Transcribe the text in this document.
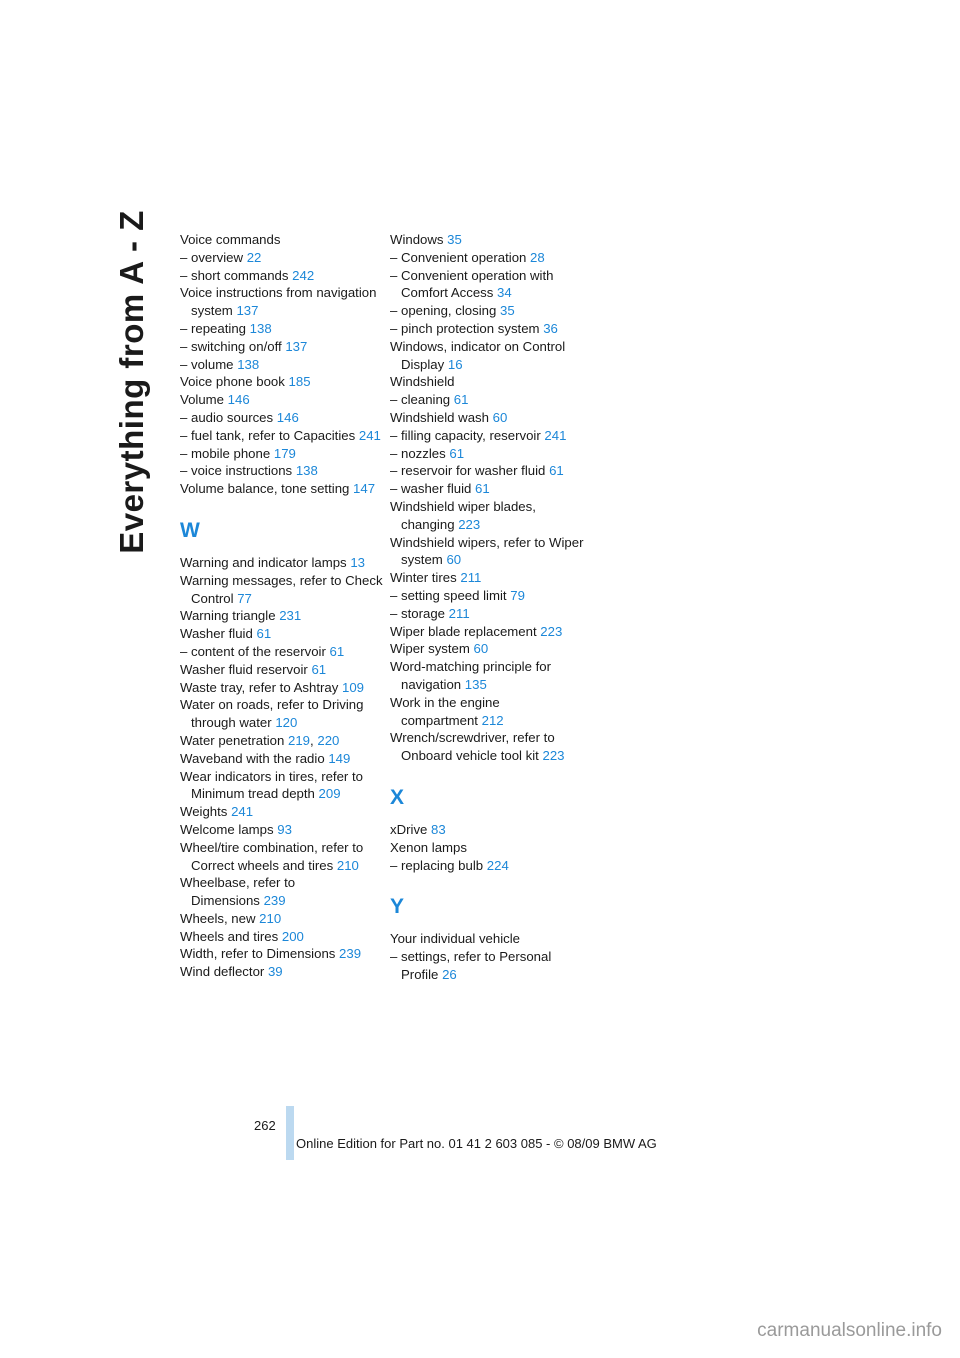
Everything from A - Z Voice commands
– overview 22
– short commands 242
Voice instructions from navigation system 137
– repeating 138
– switching on/off 137
– volume 138
Voice phone book 185
Volume 146
– audio sources 146
– fuel tank, refer to Capacities 241
– mobile phone 179
– voice instructions 138
Volume balance, tone setting 147
W
Warning and indicator lamps 13
Warning messages, refer to Check Control 77
Warning triangle 231
Washer fluid 61
– content of the reservoir 61
Washer fluid reservoir 61
Waste tray, refer to Ashtray 109
Water on roads, refer to Driving through water 120
Water penetration 219, 220
Waveband with the radio 149
Wear indicators in tires, refer to Minimum tread depth 209
Weights 241
Welcome lamps 93
Wheel/tire combination, refer to Correct wheels and tires 210
Wheelbase, refer to Dimensions 239
Wheels, new 210
Wheels and tires 200
Width, refer to Dimensions 239
Wind deflector 39
Windows 35
– Convenient operation 28
– Convenient operation with Comfort Access 34
– opening, closing 35
– pinch protection system 36
Windows, indicator on Control Display 16
Windshield
– cleaning 61
Windshield wash 60
– filling capacity, reservoir 241
– nozzles 61
– reservoir for washer fluid 61
– washer fluid 61
Windshield wiper blades, changing 223
Windshield wipers, refer to Wiper system 60
Winter tires 211
– setting speed limit 79
– storage 211
Wiper blade replacement 223
Wiper system 60
Word-matching principle for navigation 135
Work in the engine compartment 212
Wrench/screwdriver, refer to Onboard vehicle tool kit 223
X
xDrive 83
Xenon lamps
– replacing bulb 224
Y
Your individual vehicle
– settings, refer to Personal Profile 26
262
Online Edition for Part no. 01 41 2 603 085 - © 08/09 BMW AG
carmanualsonline.info
